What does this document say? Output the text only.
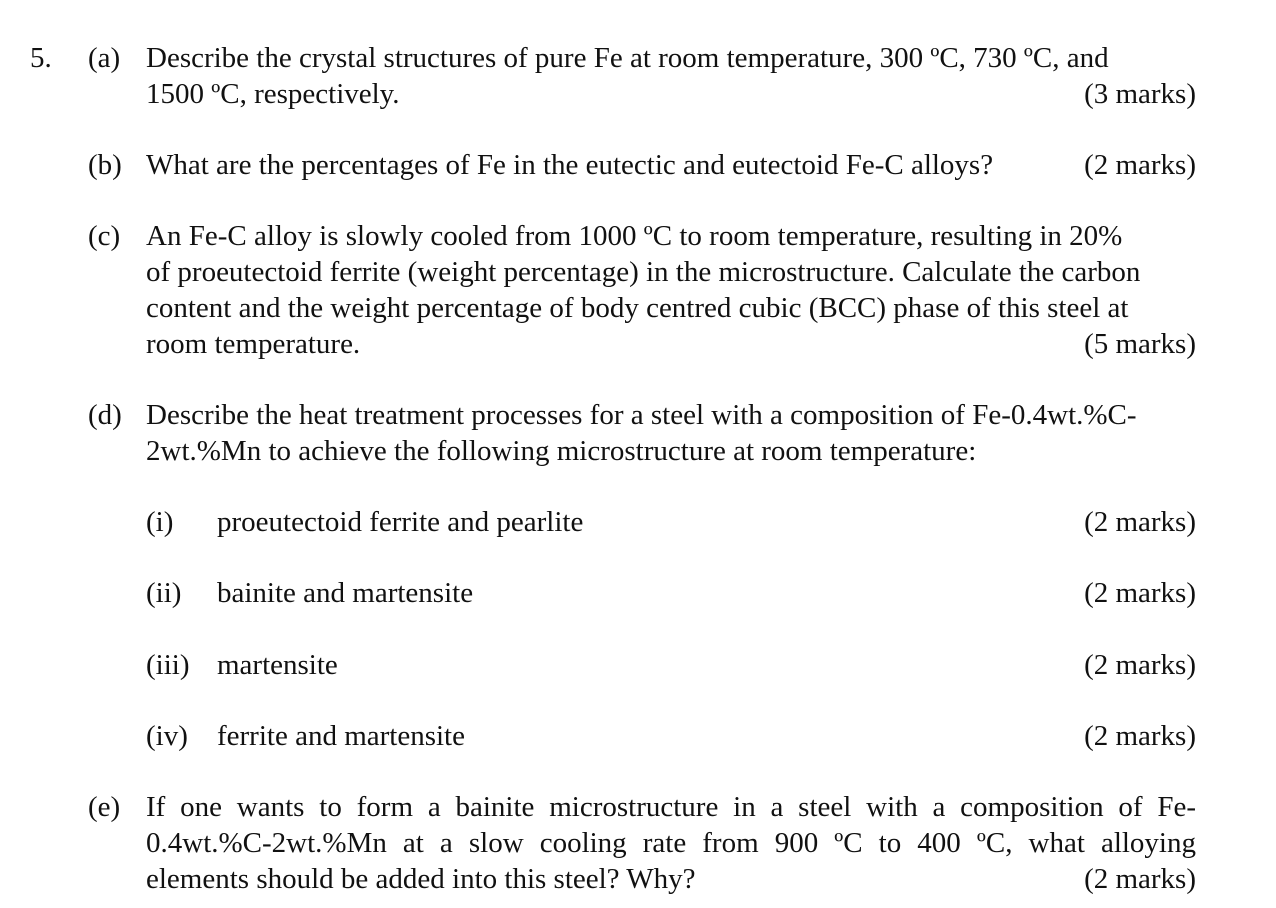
5. (a) Describe the crystal structures of pure Fe at room temperature, 300 ºC, 730 ºC, and
1500 ºC, respectively.	(3 marks)
(b) What are the percentages of Fe in the eutectic and eutectoid Fe-C alloys?	(2 marks)
(c) An Fe-C alloy is slowly cooled from 1000 ºC to room temperature, resulting in 20%
of proeutectoid ferrite (weight percentage) in the microstructure. Calculate the carbon
content and the weight percentage of body centred cubic (BCC) phase of this steel at
room temperature.	(5 marks)
(d) Describe the heat treatment processes for a steel with a composition of Fe-0.4wt.%C-
2wt.%Mn to achieve the following microstructure at room temperature:
(i) proeutectoid ferrite and pearlite	(2 marks)
(ii) bainite and martensite	(2 marks)
(iii) martensite	(2 marks)
(iv) ferrite and martensite	(2 marks)
(e) If one wants to form a bainite microstructure in a steel with a composition of Fe-
0.4wt.%C-2wt.%Mn at a slow cooling rate from 900 ºC to 400 ºC, what alloying
elements should be added into this steel? Why?	(2 marks)
